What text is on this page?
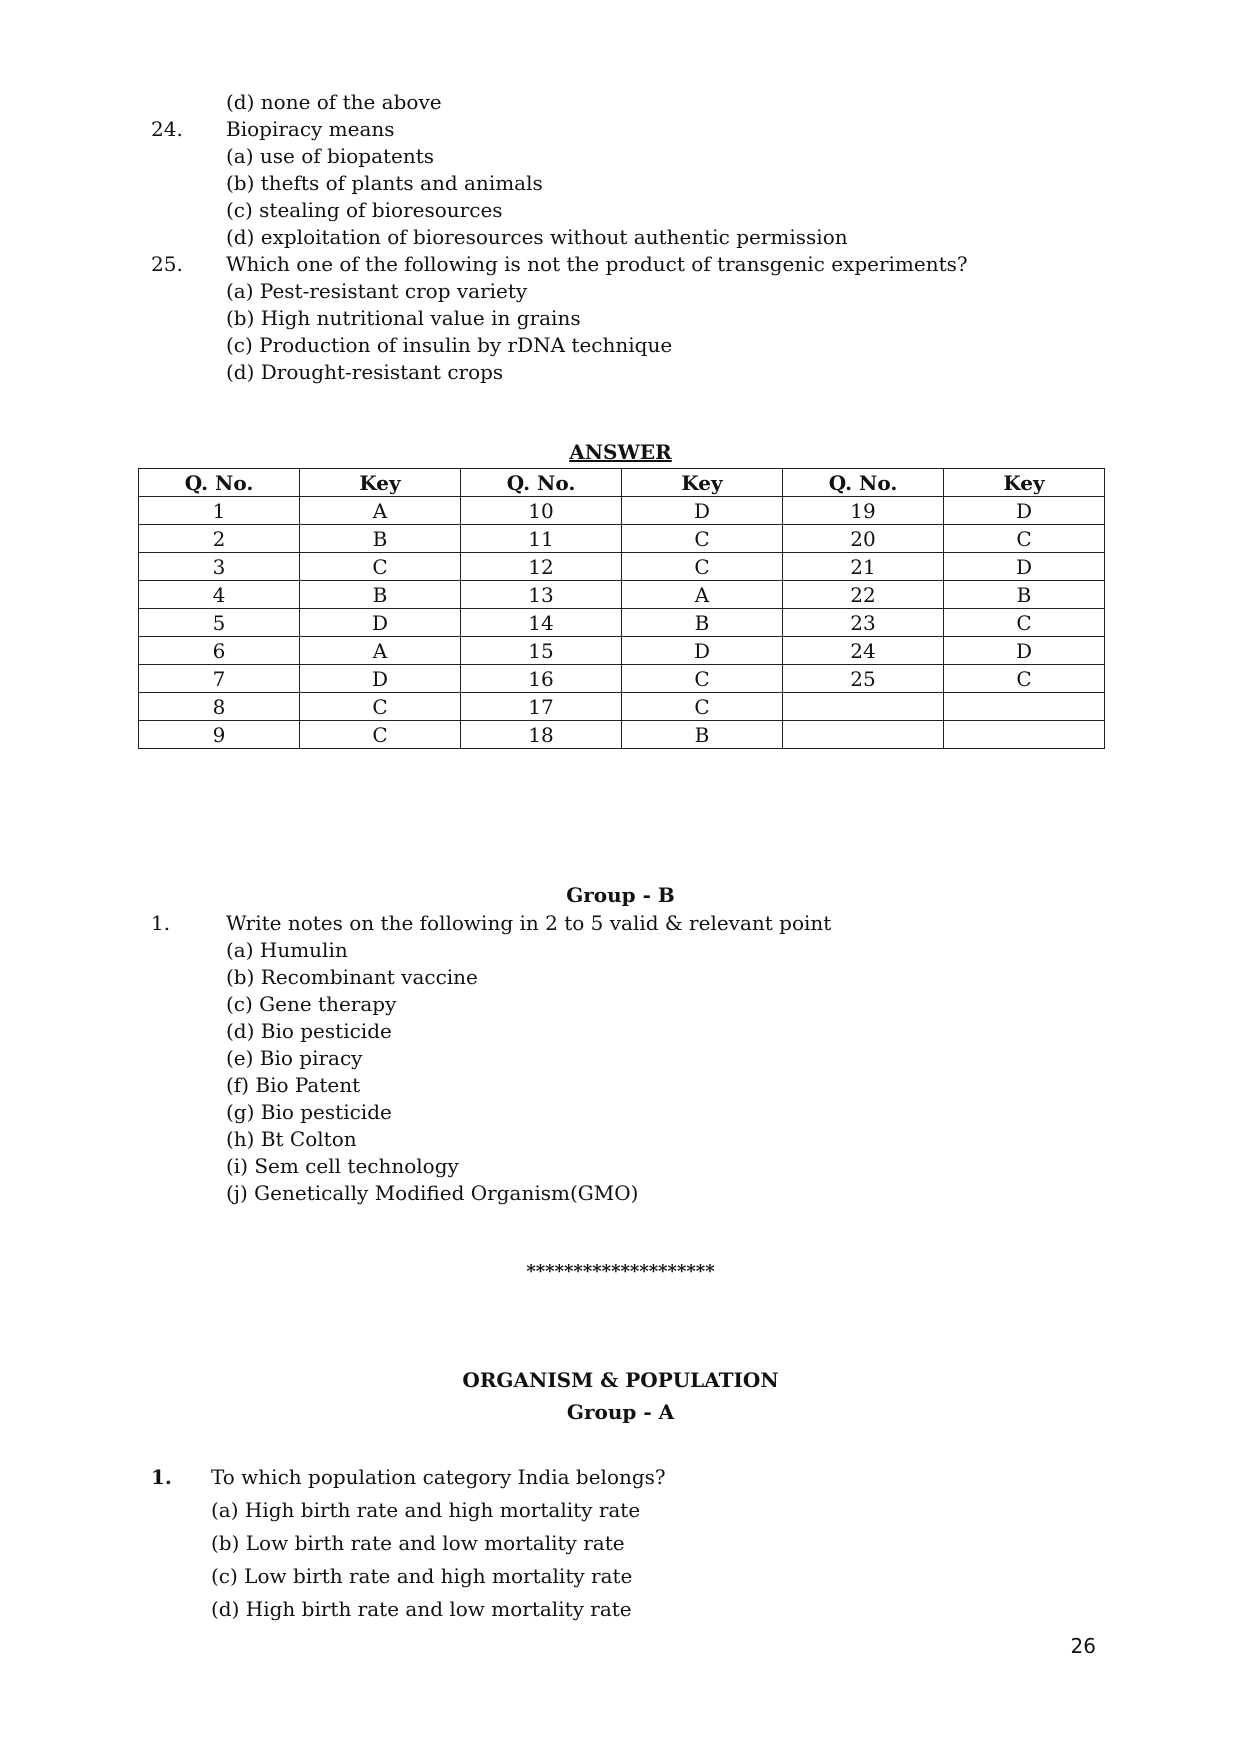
(d) none of the above
24. Biopiracy means
(a) use of biopatents
(b) thefts of plants and animals
(c) stealing of bioresources
(d) exploitation of bioresources without authentic permission
25. Which one of the following is not the product of transgenic experiments?
(a) Pest-resistant crop variety
(b) High nutritional value in grains
(c) Production of insulin by rDNA technique
(d) Drought-resistant crops
ANSWER
Q. No.	Key	Q. No.	Key	Q. No.	Key
1	A	10	D	19	D
2	B	11	C	20	C
3	C	12	C	21	D
4	B	13	A	22	B
5	D	14	B	23	C
6	A	15	D	24	D
7	D	16	C	25	C
8	C	17	C		
9	C	18	B		
Group - B
1.	Write notes on the following in 2 to 5 valid & relevant point
(a) Humulin
(b) Recombinant vaccine
(c) Gene therapy
(d) Bio pesticide
(e) Bio piracy
(f) Bio Patent
(g) Bio pesticide
(h) Bt Colton
(i) Sem cell technology
(j) Genetically Modified Organism(GMO)
********************
ORGANISM & POPULATION
Group - A
1. To which population category India belongs?
(a) High birth rate and high mortality rate
(b) Low birth rate and low mortality rate
(c) Low birth rate and high mortality rate
(d) High birth rate and low mortality rate
26
